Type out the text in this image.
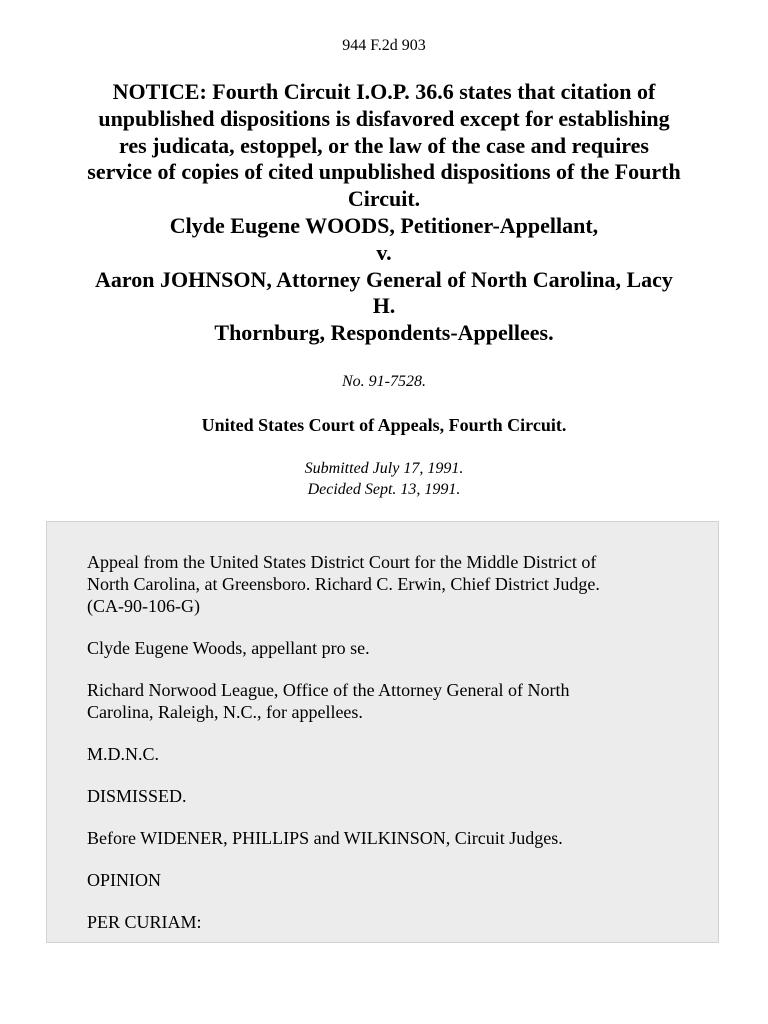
944 F.2d 903
NOTICE: Fourth Circuit I.O.P. 36.6 states that citation of
unpublished dispositions is disfavored except for establishing
res judicata, estoppel, or the law of the case and requires
service of copies of cited unpublished dispositions of the Fourth
Circuit.
Clyde Eugene WOODS, Petitioner-Appellant,
v.
Aaron JOHNSON, Attorney General of North Carolina, Lacy
H.
Thornburg, Respondents-Appellees.
No. 91-7528.
United States Court of Appeals, Fourth Circuit.
Submitted July 17, 1991.
Decided Sept. 13, 1991.

Appeal from the United States District Court for the Middle District of
North Carolina, at Greensboro. Richard C. Erwin, Chief District Judge.
(CA-90-106-G)

Clyde Eugene Woods, appellant pro se.

Richard Norwood League, Office of the Attorney General of North
Carolina, Raleigh, N.C., for appellees.

M.D.N.C.

DISMISSED.

Before WIDENER, PHILLIPS and WILKINSON, Circuit Judges.

OPINION

PER CURIAM:
